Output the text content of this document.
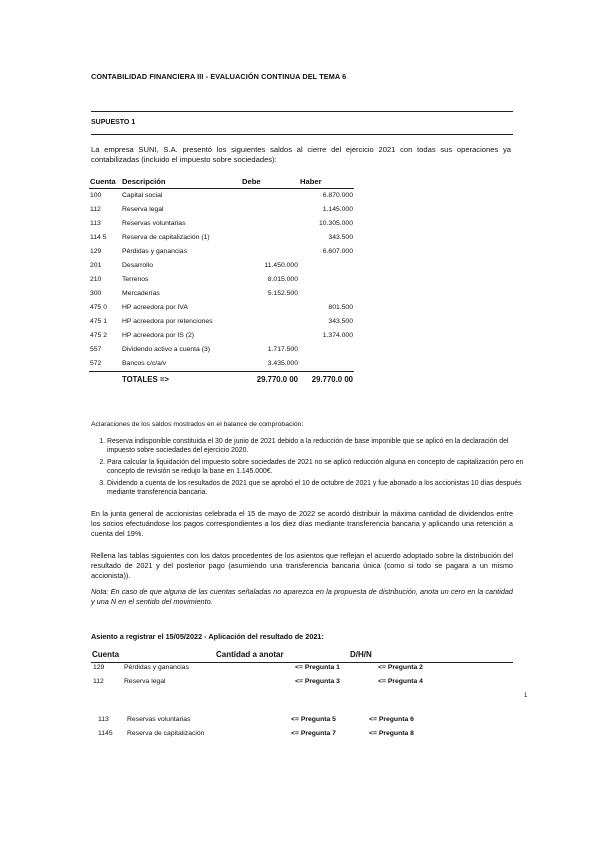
CONTABILIDAD FINANCIERA III - EVALUACIÓN CONTINUA DEL TEMA 6
SUPUESTO 1
La empresa SUNI, S.A. presentó los siguientes saldos al cierre del ejercicio 2021 con todas sus operaciones ya contabilizadas (incluido el impuesto sobre sociedades):
Cuenta	Descripción	Debe	Haber
100	Capital social		6.870.000
112	Reserva legal		1.145.000
113	Reservas voluntarias		10.305.000
114 5	Reserva de capitalización (1)		343.500
129	Pérdidas y ganancias		6.607.000
201	Desarrollo	11.450.000	
210	Terrenos	8.015.000	
300	Mercaderías	5.152.500	
475 0	HP acreedora por IVA		801.500
475 1	HP acreedora por retenciones		343.500
475 2	HP acreedora por IS (2)		1.374.000
557	Dividendo activo a cuenta (3)	1.717.500	
572	Bancos c/c/a/v	3.435.000	
	TOTALES =>	29.770.0 00	29.770.0 00
Aclaraciones de los saldos mostrados en el balance de comprobación:
1. Reserva indisponible constituida el 30 de junio de 2021 debido a la reducción de base imponible que se aplicó en la declaración del impuesto sobre sociedades del ejercicio 2020.
2. Para calcular la liquidación del impuesto sobre sociedades de 2021 no se aplicó reducción alguna en concepto de capitalización pero en concepto de revisión se redujo la base en 1.145.000€.
3. Dividendo a cuenta de los resultados de 2021 que se aprobó el 10 de octubre de 2021 y fue abonado a los accionistas 10 días después mediante transferencia bancaria.
En la junta general de accionistas celebrada el 15 de mayo de 2022 se acordó distribuir la máxima cantidad de dividendos entre los socios efectuándose los pagos correspondientes a los diez días mediante transferencia bancaria y aplicando una retención a cuenta del 19%.
Rellena las tablas siguientes con los datos procedentes de los asientos que reflejan el acuerdo adoptado sobre la distribución del resultado de 2021 y del posterior pago (asumiendo una transferencia bancaria única (como si todo se pagara a un mismo accionista)).
Nota: En caso de que alguna de las cuentas señaladas no aparezca en la propuesta de distribución, anota un cero en la cantidad y una N en el sentido del movimiento.
Asiento a registrar el 15/05/2022 - Aplicación del resultado de 2021:
Cuenta	Cantidad a anotar	D/H/N
129	Pérdidas y ganancias	<= Pregunta 1	<= Pregunta 2
112	Reserva legal	<= Pregunta 3	<= Pregunta 4
1
113	Reservas voluntarias	<= Pregunta 5	<= Pregunta 6
1145 Reserva de capitalización	<= Pregunta 7	<= Pregunta 8
